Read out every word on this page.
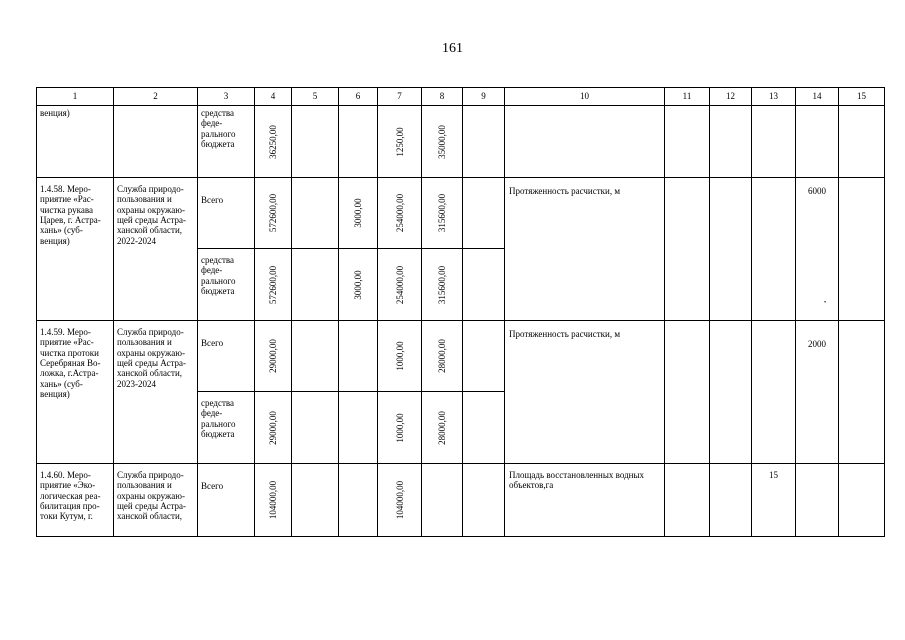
161
1	2	3	4	5	6	7	8	9	10	11	12	13	14	15
венция)		средства феде-рального бюджета	36250,00			1250,00	35000,00							

1.4.58. Меро-приятие «Рас-чистка рукава Царев, г. Астра-хань» (суб-венция)	Служба природо-пользования и охраны окружаю-щей среды Астра-ханской области, 2022-2024	Всего	572600,00		3000,00	254000,00	315600,00		Протяженность расчистки, м				6000
•	

		средства феде-рального бюджета	572600,00		3000,00	254000,00	315600,00							

1.4.59. Меро-приятие «Рас-чистка протоки Серебряная Во-ложка, г.Астра-хань» (суб-венция)	Служба природо-пользования и охраны окружаю-щей среды Астра-ханской области, 2023-2024	Всего	29000,00			1000,00	28000,00		Протяженность расчистки, м				2000	
		средства феде-рального бюджета	29000,00			1000,00	28000,00							

1.4.60. Меро-приятие «Эко-логическая реа-билитация про-токи Кутум, г.	Служба природо-пользования и охраны окружаю-щей среды Астра-ханской области,	Всего	104000,00			104000,00			Площадь восстановленных водных объектов,га			15		
